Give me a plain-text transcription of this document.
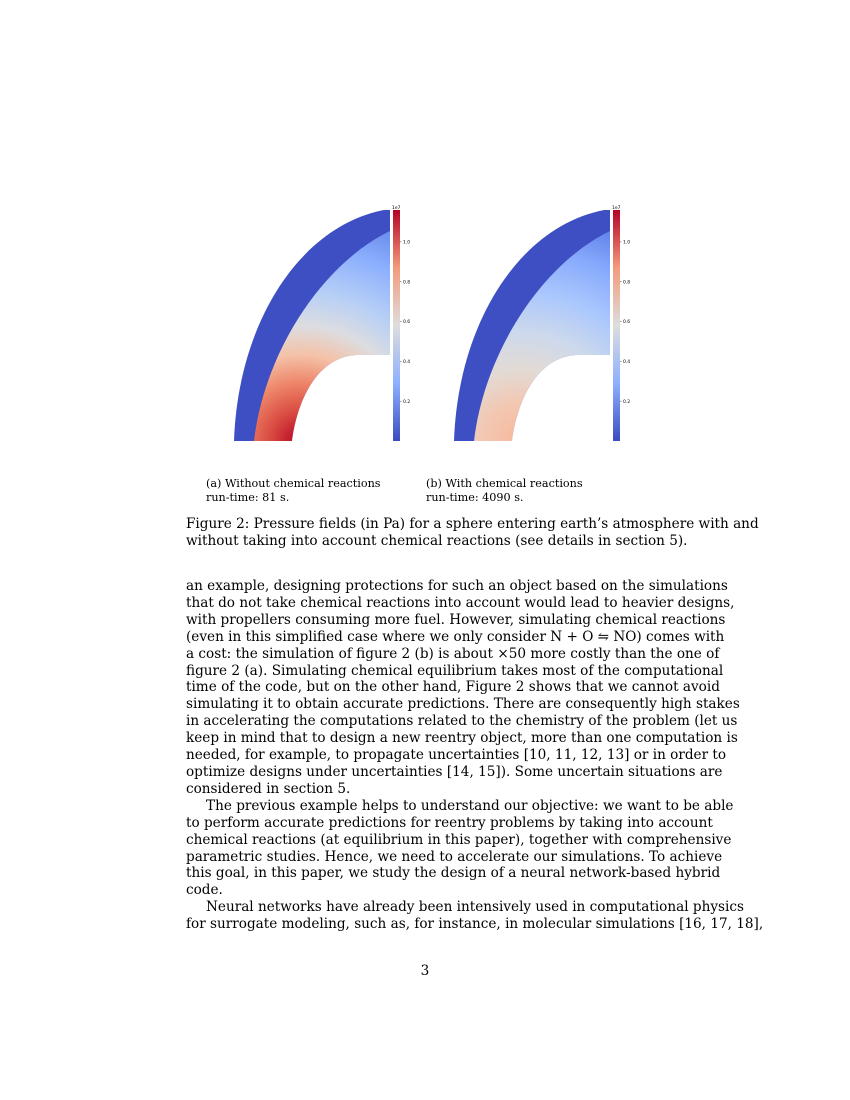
1e7
1.0
0.8
0.6
0.4
0.2
1e7
1.0
0.8
0.6
0.4
0.2
(a) Without chemical reactions
run-time: 81 s.
(b) With chemical reactions
run-time: 4090 s.
Figure 2: Pressure fields (in Pa) for a sphere entering earth’s atmosphere with and
without taking into account chemical reactions (see details in section 5).
an example, designing protections for such an object based on the simulations
that do not take chemical reactions into account would lead to heavier designs,
with propellers consuming more fuel. However, simulating chemical reactions
(even in this simplified case where we only consider N + O ⇋ NO) comes with
a cost: the simulation of figure 2 (b) is about ×50 more costly than the one of
figure 2 (a). Simulating chemical equilibrium takes most of the computational
time of the code, but on the other hand, Figure 2 shows that we cannot avoid
simulating it to obtain accurate predictions. There are consequently high stakes
in accelerating the computations related to the chemistry of the problem (let us
keep in mind that to design a new reentry object, more than one computation is
needed, for example, to propagate uncertainties [10, 11, 12, 13] or in order to
optimize designs under uncertainties [14, 15]). Some uncertain situations are
considered in section 5.
The previous example helps to understand our objective: we want to be able
to perform accurate predictions for reentry problems by taking into account
chemical reactions (at equilibrium in this paper), together with comprehensive
parametric studies. Hence, we need to accelerate our simulations. To achieve
this goal, in this paper, we study the design of a neural network-based hybrid
code.
Neural networks have already been intensively used in computational physics
for surrogate modeling, such as, for instance, in molecular simulations [16, 17, 18],
3
